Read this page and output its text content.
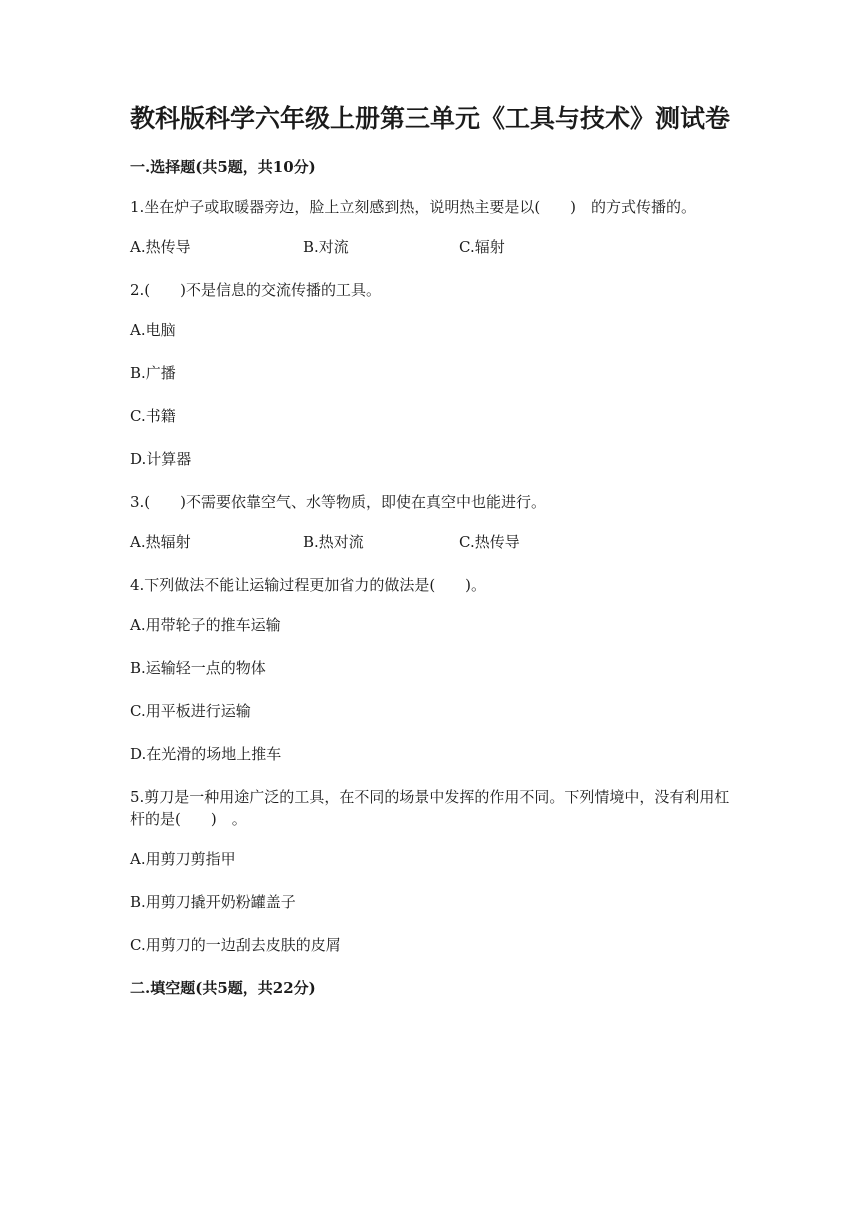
教科版科学六年级上册第三单元《工具与技术》测试卷
一.选择题(共5题，共10分)
1.坐在炉子或取暖器旁边，脸上立刻感到热，说明热主要是以(　　)　的方式传播的。
A.热传导	B.对流	C.辐射
2.(　　)不是信息的交流传播的工具。
A.电脑
B.广播
C.书籍
D.计算器
3.(　　)不需要依靠空气、水等物质，即使在真空中也能进行。
A.热辐射	B.热对流	C.热传导
4.下列做法不能让运输过程更加省力的做法是(　　)。
A.用带轮子的推车运输
B.运输轻一点的物体
C.用平板进行运输
D.在光滑的场地上推车
5.剪刀是一种用途广泛的工具，在不同的场景中发挥的作用不同。下列情境中，没有利用杠杆的是(　　)　。
A.用剪刀剪指甲
B.用剪刀撬开奶粉罐盖子
C.用剪刀的一边刮去皮肤的皮屑
二.填空题(共5题，共22分)
